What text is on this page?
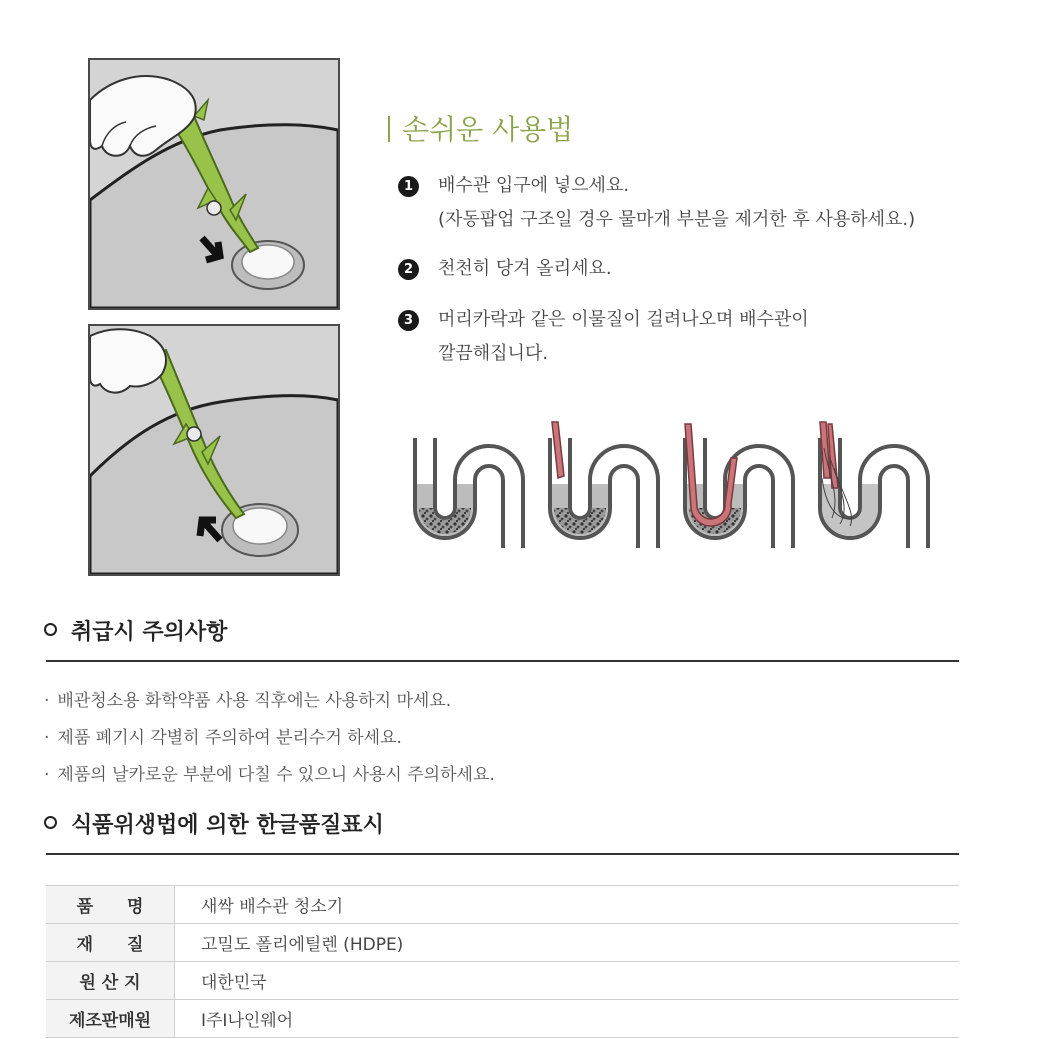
손쉬운 사용법
1	배수관 입구에 넣으세요.
(자동팝업 구조일 경우 물마개 부분을 제거한 후 사용하세요.)
2	천천히 당겨 올리세요.
3	머리카락과 같은 이물질이 걸려나오며 배수관이
깔끔해집니다.
취급시 주의사항
· 배관청소용 화학약품 사용 직후에는 사용하지 마세요.
· 제품 폐기시 각별히 주의하여 분리수거 하세요.
· 제품의 날카로운 부분에 다칠 수 있으니 사용시 주의하세요.
식품위생법에 의한 한글품질표시
품　　명	새싹 배수관 청소기
재　　질	고밀도 폴리에틸렌 (HDPE)
원 산 지	대한민국
제조판매원	I주I나인웨어
